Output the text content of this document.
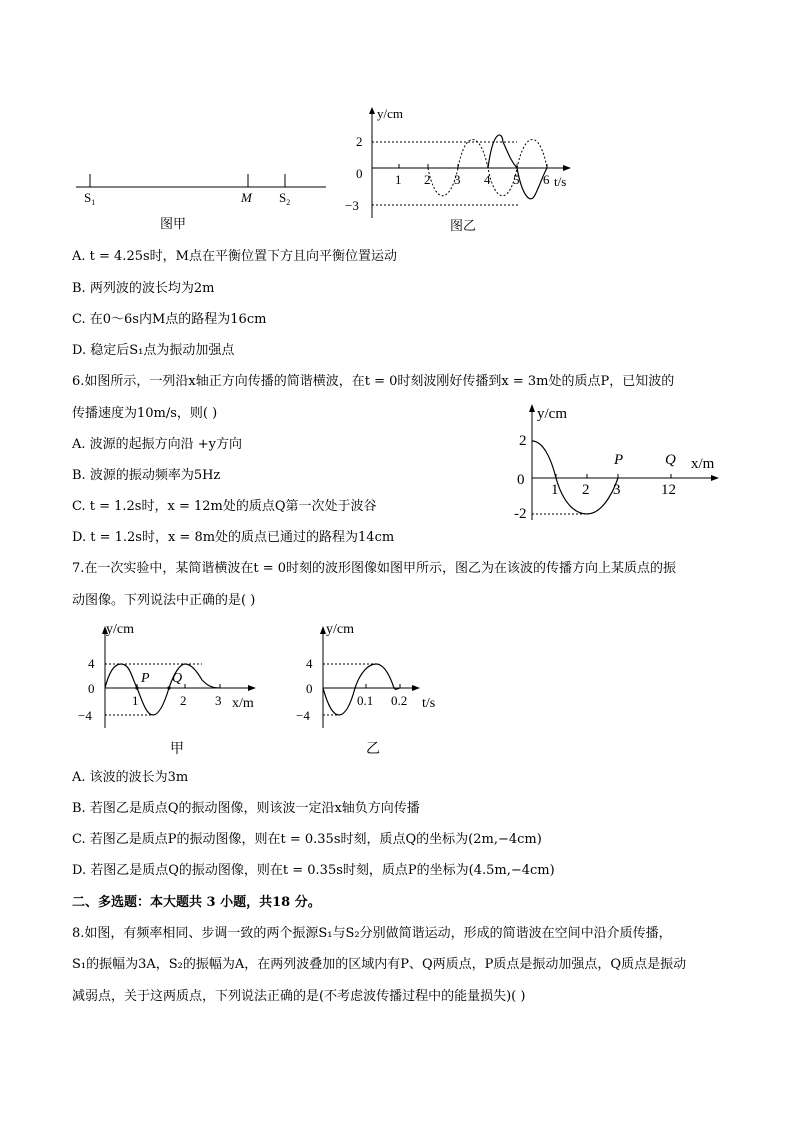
$S_1$	M $S_2$
图甲
y/cm
t/s
2
0
−3
1 2 3 4 5 6
图乙
A. t = 4.25s时，M点在平衡位置下方且向平衡位置运动
B. 两列波的波长均为2m
C. 在0～6s内M点的路程为16cm
D. 稳定后S₁点为振动加强点
6.如图所示，一列沿x轴正方向传播的简谐横波，在t = 0时刻波刚好传播到x = 3m处的质点P，已知波的
传播速度为10m/s，则( )
A. 波源的起振方向沿 +y方向
B. 波源的振动频率为5Hz
C. t = 1.2s时，x = 12m处的质点Q第一次处于波谷
D. t = 1.2s时，x = 8m处的质点已通过的路程为14cm
y/cm
x/m
2
0
-2
1 2 3	12
P	Q
7.在一次实验中，某简谐横波在t = 0时刻的波形图像如图甲所示，图乙为在该波的传播方向上某质点的振
动图像。下列说法中正确的是( )
y/cm
x/m
4
0
−4
1	2 3
P Q
甲
y/cm
t/s
4
0
−4
0.1 0.2
乙
A. 该波的波长为3m
B. 若图乙是质点Q的振动图像，则该波一定沿x轴负方向传播
C. 若图乙是质点P的振动图像，则在t = 0.35s时刻，质点Q的坐标为(2m,−4cm)
D. 若图乙是质点Q的振动图像，则在t = 0.35s时刻，质点P的坐标为(4.5m,−4cm)
二、多选题：本大题共 3 小题，共18 分。
8.如图，有频率相同、步调一致的两个振源S₁与S₂分别做简谐运动，形成的简谐波在空间中沿介质传播，
S₁的振幅为3A，S₂的振幅为A，在两列波叠加的区域内有P、Q两质点，P质点是振动加强点，Q质点是振动
减弱点，关于这两质点，下列说法正确的是(不考虑波传播过程中的能量损失)( )
